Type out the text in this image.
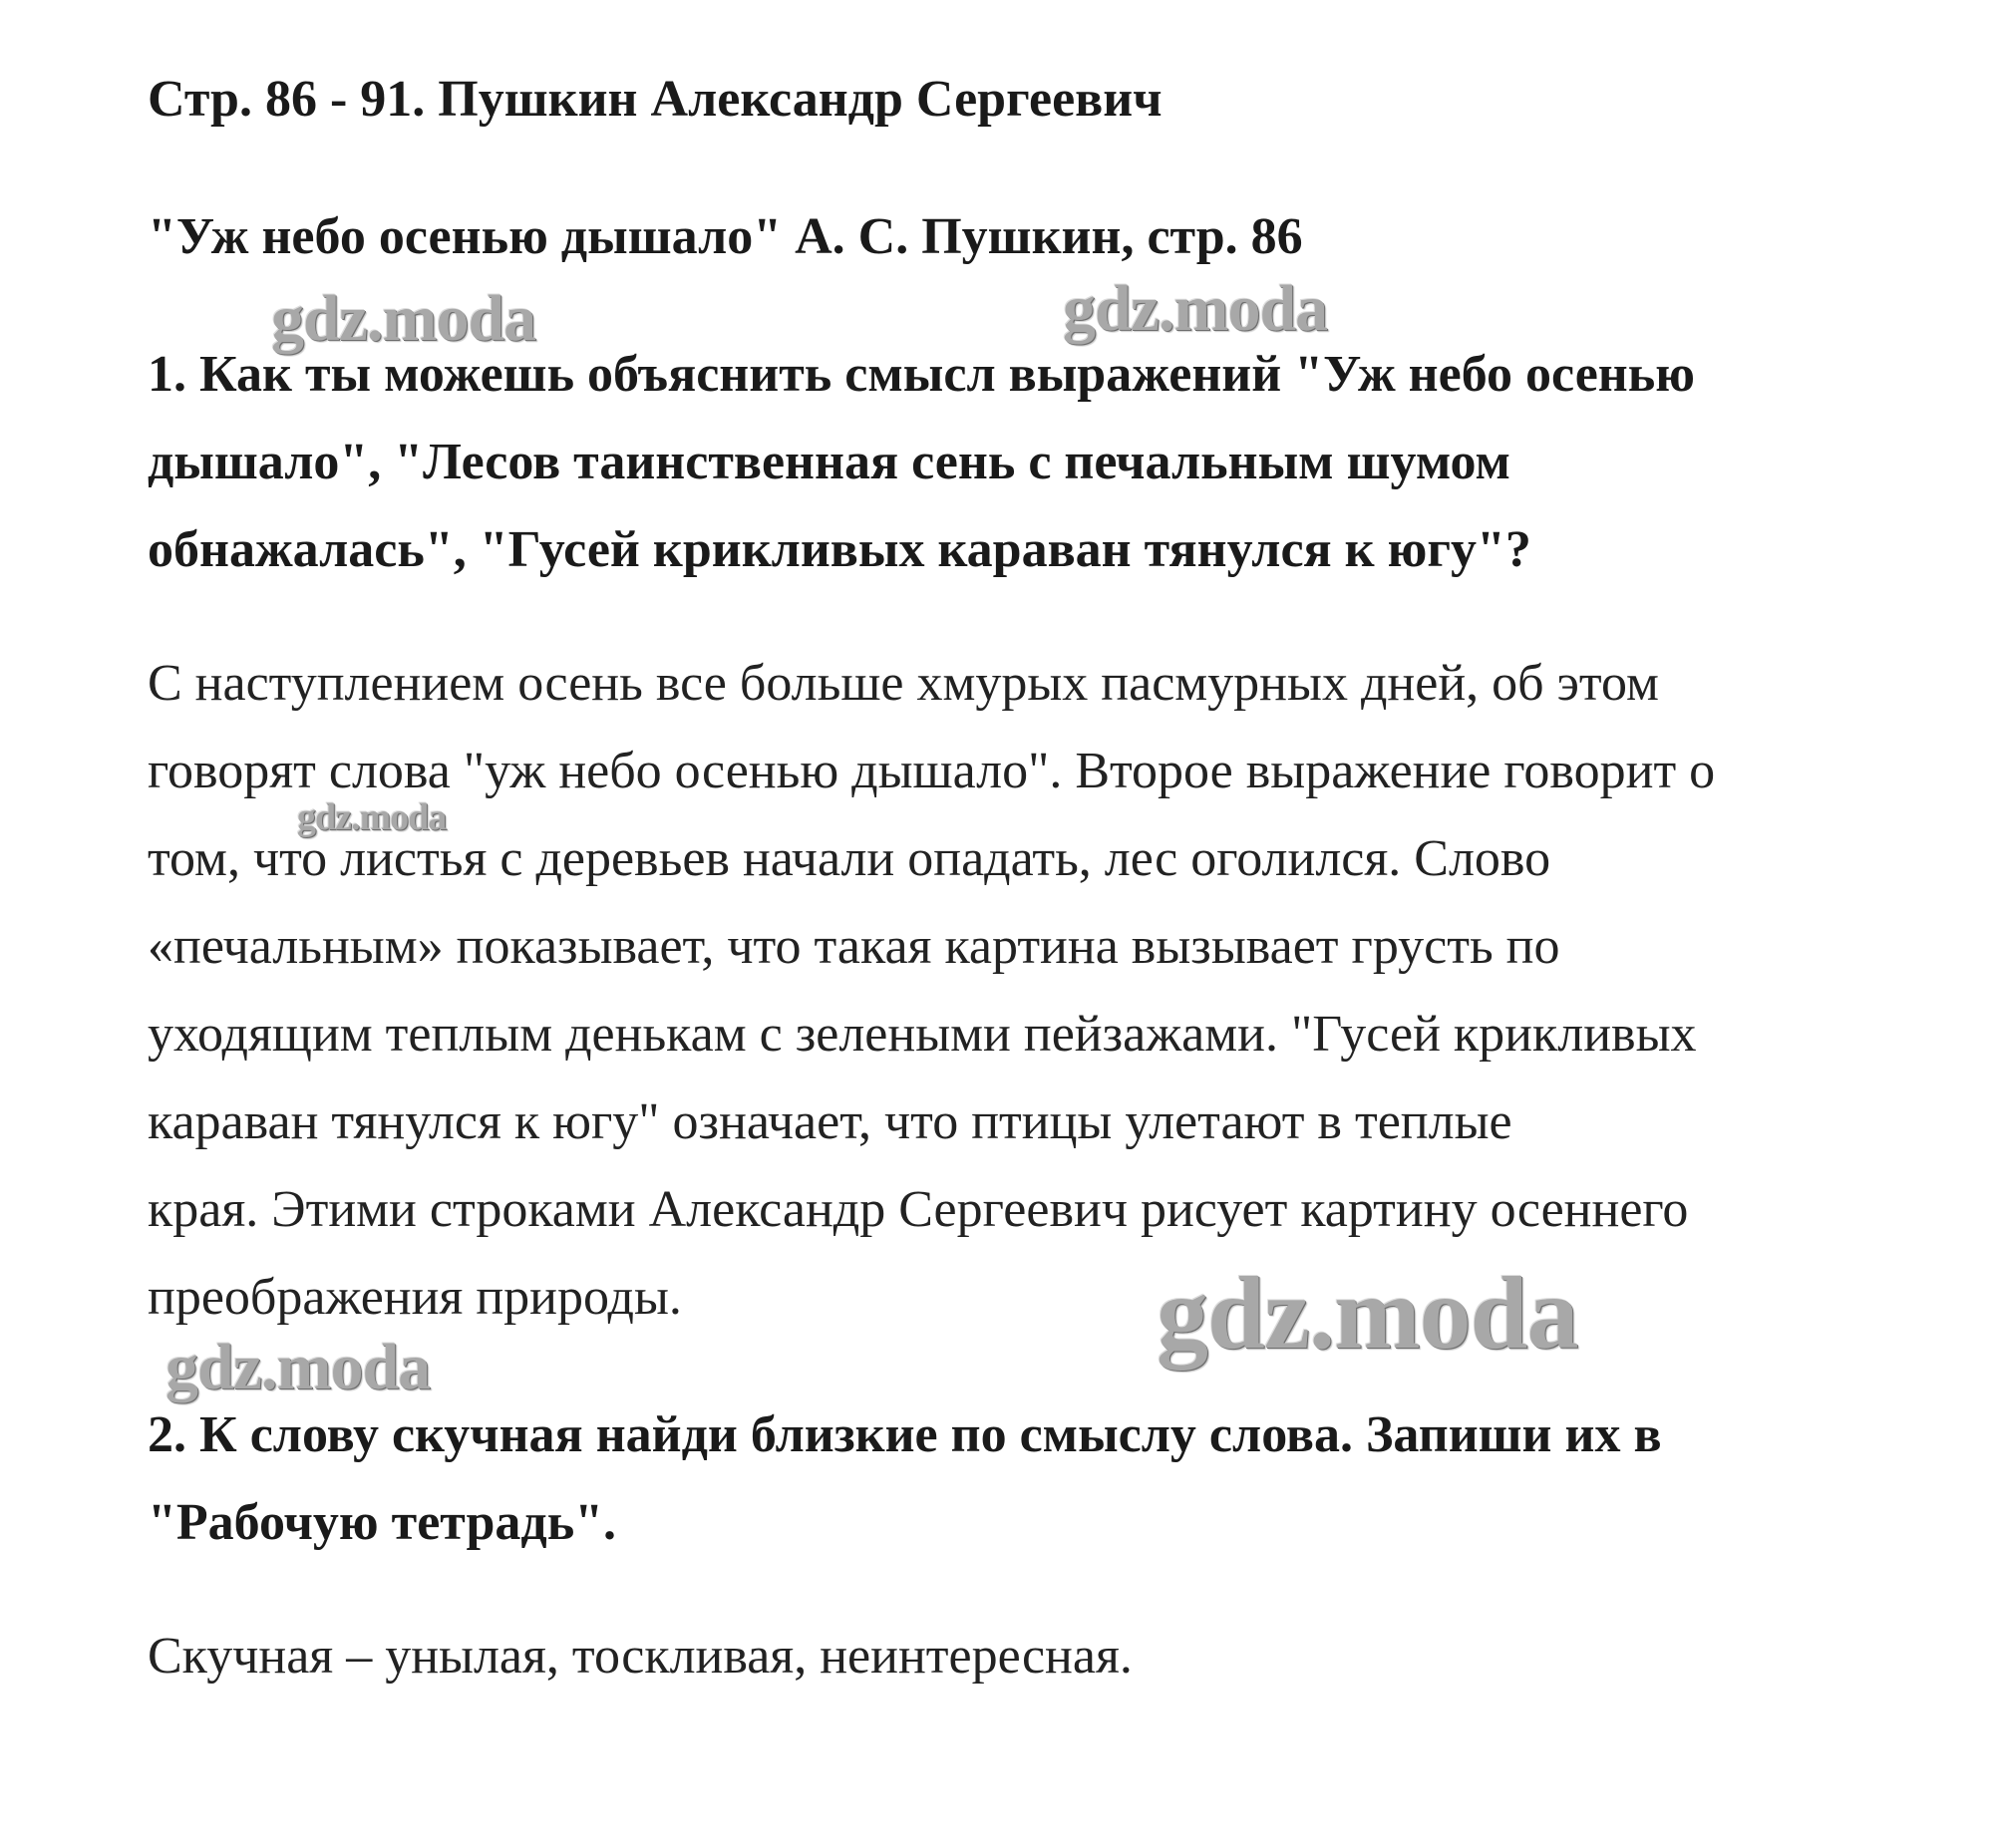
Стр. 86 - 91. Пушкин Александр Сергеевич
"Уж небо осенью дышало" А. С. Пушкин, стр. 86
1. Как ты можешь объяснить смысл выражений "Уж небо осенью
дышало", "Лесов таинственная сень с печальным шумом
обнажалась", "Гусей крикливых караван тянулся к югу"?
С наступлением осень все больше хмурых пасмурных дней, об этом
говорят слова "уж небо осенью дышало". Второе выражение говорит о
том, что листья с деревьев начали опадать, лес оголился. Слово
«печальным» показывает, что такая картина вызывает грусть по
уходящим теплым денькам с зелеными пейзажами. "Гусей крикливых
караван тянулся к югу" означает, что птицы улетают в теплые
края. Этими строками Александр Сергеевич рисует картину осеннего
преображения природы.
2. К слову скучная найди близкие по смыслу слова. Запиши их в
"Рабочую тетрадь".
Скучная – унылая, тоскливая, неинтересная.
gdz.moda	gdz.moda
gdz.moda
gdz.moda
gdz.moda
